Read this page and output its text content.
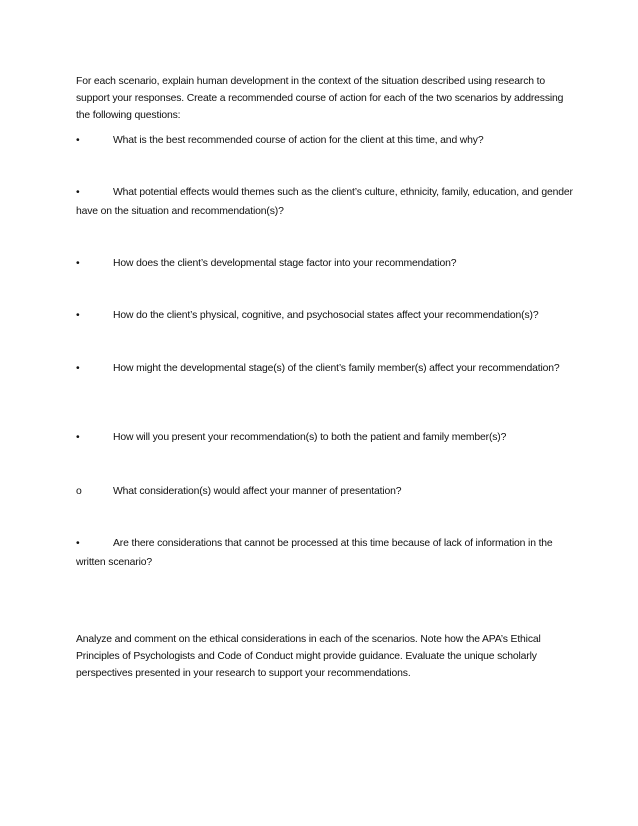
For each scenario, explain human development in the context of the situation described using research to support your responses. Create a recommended course of action for each of the two scenarios by addressing the following questions:

•	What is the best recommended course of action for the client at this time, and why?

•	What potential effects would themes such as the client’s culture, ethnicity, family, education, and gender have on the situation and recommendation(s)?

•	How does the client’s developmental stage factor into your recommendation?

•	How do the client’s physical, cognitive, and psychosocial states affect your recommendation(s)?

•	How might the developmental stage(s) of the client’s family member(s) affect your recommendation?

•	How will you present your recommendation(s) to both the patient and family member(s)?

o	What consideration(s) would affect your manner of presentation?

•	Are there considerations that cannot be processed at this time because of lack of information in the written scenario?

Analyze and comment on the ethical considerations in each of the scenarios. Note how the APA’s Ethical Principles of Psychologists and Code of Conduct might provide guidance. Evaluate the unique scholarly perspectives presented in your research to support your recommendations.
